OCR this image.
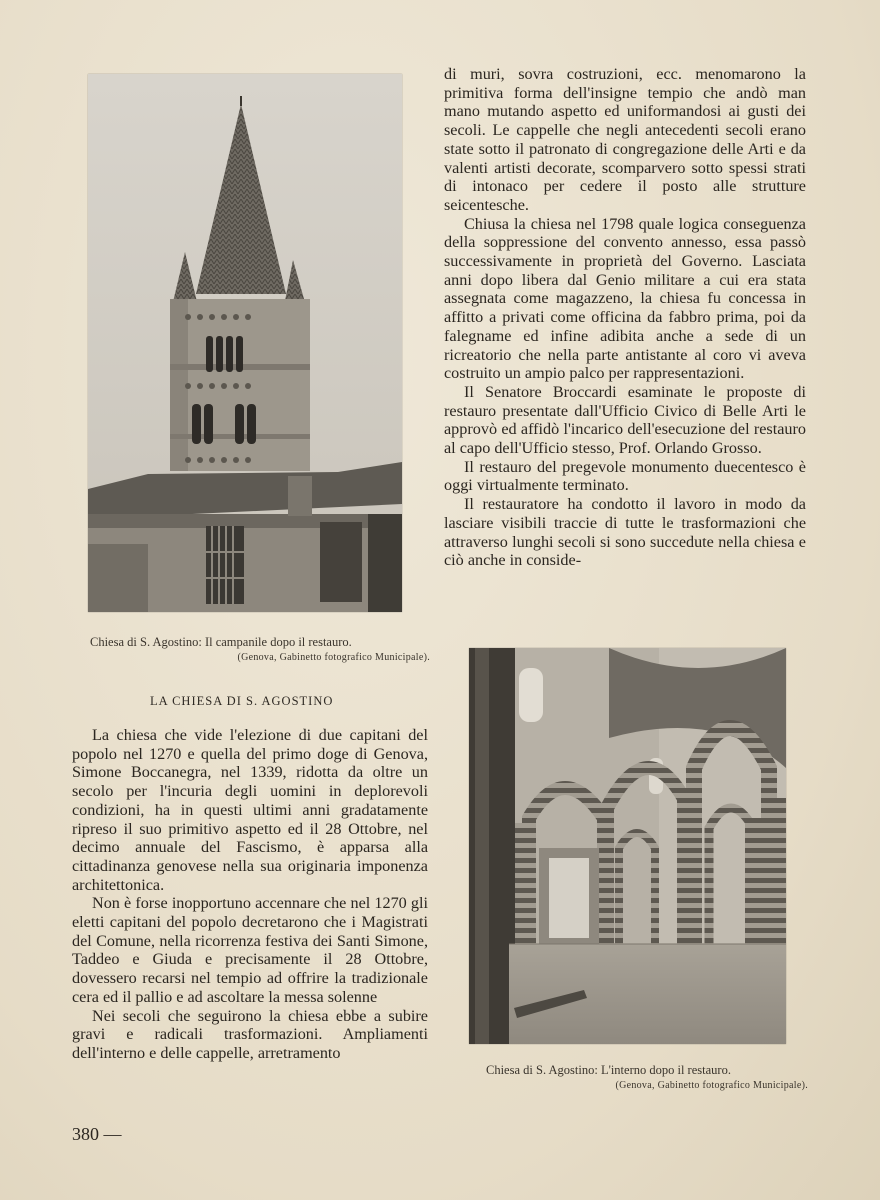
Chiesa di S. Agostino: Il campanile dopo il restauro.
(Genova, Gabinetto fotografico Municipale).
LA CHIESA DI S. AGOSTINO

La chiesa che vide l'elezione di due capitani del popolo nel 1270 e quella del primo doge di Genova, Simone Boccanegra, nel 1339, ridotta da oltre un secolo per l'incuria degli uomini in deplorevoli condizioni, ha in questi ultimi anni gradatamente ripreso il suo primitivo aspetto ed il 28 Ottobre, nel decimo annuale del Fascismo, è apparsa alla cittadinanza genovese nella sua originaria imponenza architettonica.

Non è forse inopportuno accennare che nel 1270 gli eletti capitani del popolo decretarono che i Magistrati del Comune, nella ricorrenza festiva dei Santi Simone, Taddeo e Giuda e precisamente il 28 Ottobre, dovessero recarsi nel tempio ad offrire la tradizionale cera ed il pallio e ad ascoltare la messa solenne

Nei secoli che seguirono la chiesa ebbe a subire gravi e radicali trasformazioni. Ampliamenti dell'interno e delle cappelle, arretramento

di muri, sovra costruzioni, ecc. menomarono la primitiva forma dell'insigne tempio che andò man mano mutando aspetto ed uniformandosi ai gusti dei secoli. Le cappelle che negli antecedenti secoli erano state sotto il patronato di congregazione delle Arti e da valenti artisti decorate, scomparvero sotto spessi strati di intonaco per cedere il posto alle strutture seicentesche.

Chiusa la chiesa nel 1798 quale logica conseguenza della soppressione del convento annesso, essa passò successivamente in proprietà del Governo. Lasciata anni dopo libera dal Genio militare a cui era stata assegnata come magazzeno, la chiesa fu concessa in affitto a privati come officina da fabbro prima, poi da falegname ed infine adibita anche a sede di un ricreatorio che nella parte antistante al coro vi aveva costruito un ampio palco per rappresentazioni.

Il Senatore Broccardi esaminate le proposte di restauro presentate dall'Ufficio Civico di Belle Arti le approvò ed affidò l'incarico dell'esecuzione del restauro al capo dell'Ufficio stesso, Prof. Orlando Grosso.

Il restauro del pregevole monumento duecentesco è oggi virtualmente terminato.

Il restauratore ha condotto il lavoro in modo da lasciare visibili traccie di tutte le trasformazioni che attraverso lunghi secoli si sono succedute nella chiesa e ciò anche in conside-

Chiesa di S. Agostino: L'interno dopo il restauro.
(Genova, Gabinetto fotografico Municipale).
380 —
